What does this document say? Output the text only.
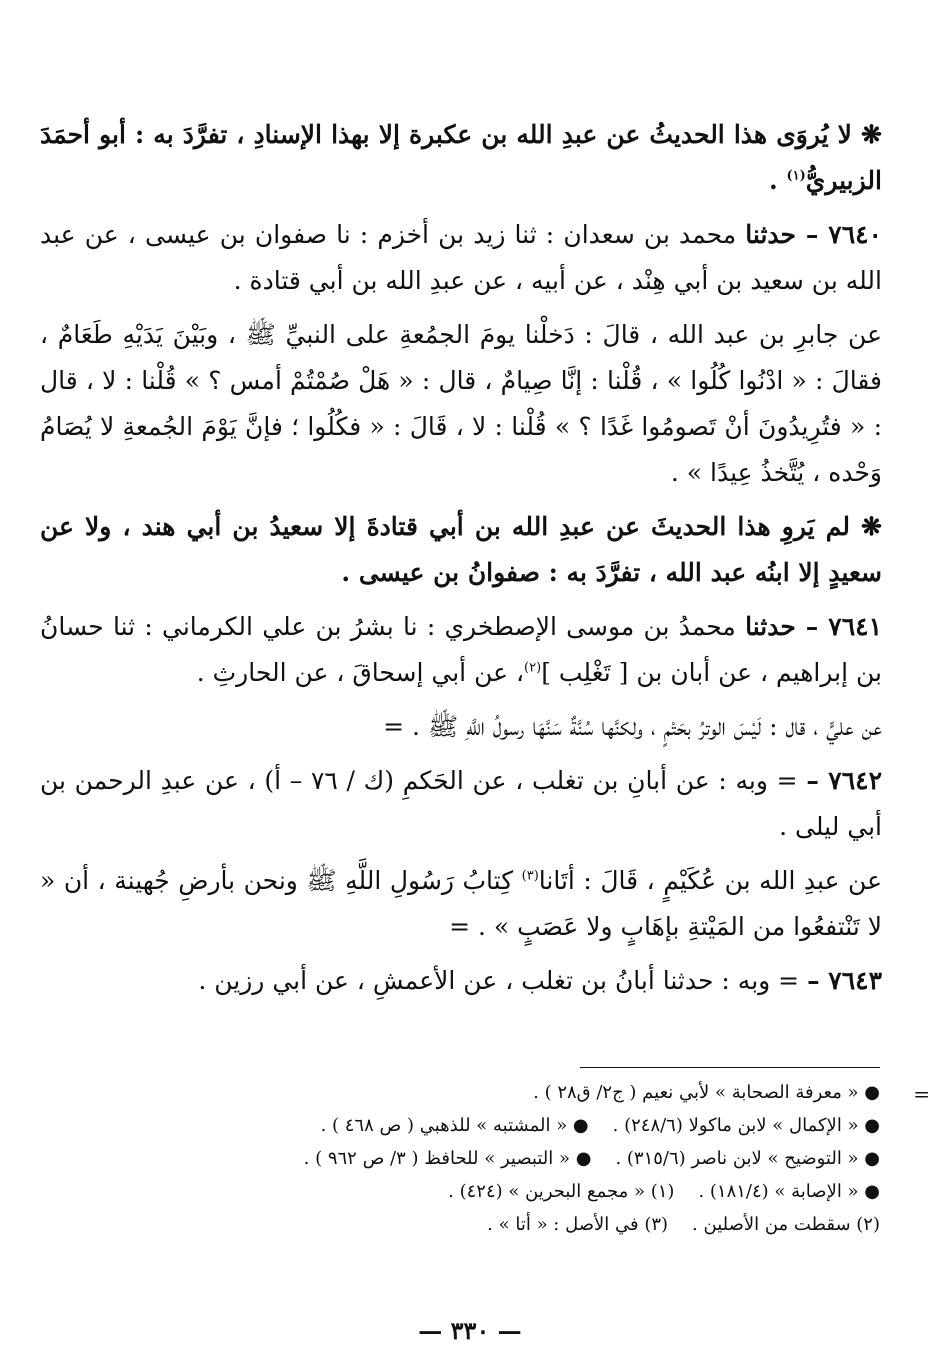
❋ لا يُروَى هذا الحديثُ عن عبدِ الله بن عكبرة إلا بهذا الإسنادِ ، تفرَّدَ به : أبو أحمَدَ الزبيريُّ$^{(١)}$ .

٧٦٤٠ – حدثنا محمد بن سعدان : ثنا زيد بن أخزم : نا صفوان بن عيسى ، عن عبد الله بن سعيد بن أبي هِنْد ، عن أبيه ، عن عبدِ الله بن أبي قتادة .

عن جابرِ بن عبد الله ، قالَ : دَخلْنا يومَ الجمُعةِ على النبيِّ ﷺ ، وبَيْنَ يَدَيْهِ طَعَامٌ ، فقالَ : « ادْنُوا كُلُوا » ، قُلْنا : إنَّا صِيامٌ ، قال : « هَلْ صُمْتُمْ أمس ؟ » قُلْنا : لا ، قال : « فتُرِيدُونَ أنْ تَصومُوا غَدًا ؟ » قُلْنا : لا ، قَالَ : « فكُلُوا ؛ فإنَّ يَوْمَ الجُمعةِ لا يُصَامُ وَحْده ، يُتَّخذُ عِيدًا » .

❋ لم يَروِ هذا الحديثَ عن عبدِ الله بن أبي قتادةَ إلا سعيدُ بن أبي هند ، ولا عن سعيدٍ إلا ابنُه عبد الله ، تفرَّدَ به : صفوانُ بن عيسى .

٧٦٤١ – حدثنا محمدُ بن موسى الإصطخري : نا بشرُ بن علي الكرماني : ثنا حسانُ بن إبراهيم ، عن أبان بن [ تَغْلِب ]$^{(٢)}$، عن أبي إسحاقَ ، عن الحارثِ .

عن عليٍّ ، قال : لَيْسَ الوترُ بحَتْمٍ ، ولكنَّها سُنَّةٌ سَنَّهَا رسولُ اللَّهِ ﷺ . =

٧٦٤٢ – = وبه : عن أبانِ بن تغلب ، عن الحَكمِ (ك / ٧٦ – أ) ، عن عبدِ الرحمن بن أبي ليلى .

عن عبدِ الله بن عُكَيْمٍ ، قَالَ : أتَانا$^{(٣)}$ كِتابُ رَسُولِ اللَّهِ ﷺ ونحن بأرضِ جُهينة ، أن « لا تَنْتفعُوا من المَيْتةِ بإهَابٍ ولا عَصَبٍ » . =

٧٦٤٣ – = وبه : حدثنا أبانُ بن تغلب ، عن الأعمشِ ، عن أبي رزين .

=
● « معرفة الصحابة » لأبي نعيم ( ج٢/ ق٢٨ ) .
● « الإكمال » لابن ماكولا (٢٤٨/٦) .
● « المشتبه » للذهبي ( ص ٤٦٨ ) .
● « التوضيح » لابن ناصر (٣١٥/٦) .
● « التبصير » للحافظ ( ٣/ ص ٩٦٢ ) .
● « الإصابة » (١٨١/٤) .
(١) « مجمع البحرين » (٤٢٤) .
(٢) سقطت من الأصلين .
(٣) في الأصل : « أتا » .
— ٣٣٠ —
